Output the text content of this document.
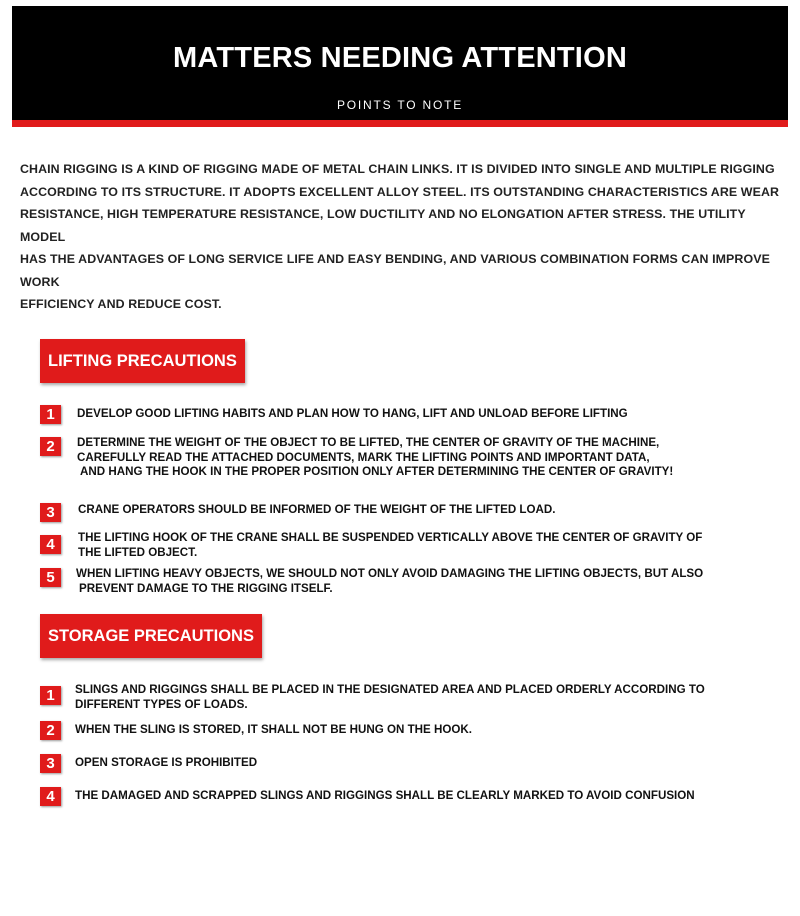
MATTERS NEEDING ATTENTION
POINTS TO NOTE
CHAIN RIGGING IS A KIND OF RIGGING MADE OF METAL CHAIN LINKS. IT IS DIVIDED INTO SINGLE AND MULTIPLE RIGGING
ACCORDING TO ITS STRUCTURE. IT ADOPTS EXCELLENT ALLOY STEEL. ITS OUTSTANDING CHARACTERISTICS ARE WEAR
RESISTANCE, HIGH TEMPERATURE RESISTANCE, LOW DUCTILITY AND NO ELONGATION AFTER STRESS. THE UTILITY MODEL
HAS THE ADVANTAGES OF LONG SERVICE LIFE AND EASY BENDING, AND VARIOUS COMBINATION FORMS CAN IMPROVE WORK
EFFICIENCY AND REDUCE COST.
LIFTING PRECAUTIONS
1	DEVELOP GOOD LIFTING HABITS AND PLAN HOW TO HANG, LIFT AND UNLOAD BEFORE LIFTING
2	DETERMINE THE WEIGHT OF THE OBJECT TO BE LIFTED, THE CENTER OF GRAVITY OF THE MACHINE,
CAREFULLY READ THE ATTACHED DOCUMENTS, MARK THE LIFTING POINTS AND IMPORTANT DATA,
AND HANG THE HOOK IN THE PROPER POSITION ONLY AFTER DETERMINING THE CENTER OF GRAVITY!
3	CRANE OPERATORS SHOULD BE INFORMED OF THE WEIGHT OF THE LIFTED LOAD.
4	THE LIFTING HOOK OF THE CRANE SHALL BE SUSPENDED VERTICALLY ABOVE THE CENTER OF GRAVITY OF
THE LIFTED OBJECT.
5	WHEN LIFTING HEAVY OBJECTS, WE SHOULD NOT ONLY AVOID DAMAGING THE LIFTING OBJECTS, BUT ALSO
PREVENT DAMAGE TO THE RIGGING ITSELF.
STORAGE PRECAUTIONS
1	SLINGS AND RIGGINGS SHALL BE PLACED IN THE DESIGNATED AREA AND PLACED ORDERLY ACCORDING TO
DIFFERENT TYPES OF LOADS.
2	WHEN THE SLING IS STORED, IT SHALL NOT BE HUNG ON THE HOOK.
3	OPEN STORAGE IS PROHIBITED
4	THE DAMAGED AND SCRAPPED SLINGS AND RIGGINGS SHALL BE CLEARLY MARKED TO AVOID CONFUSION
